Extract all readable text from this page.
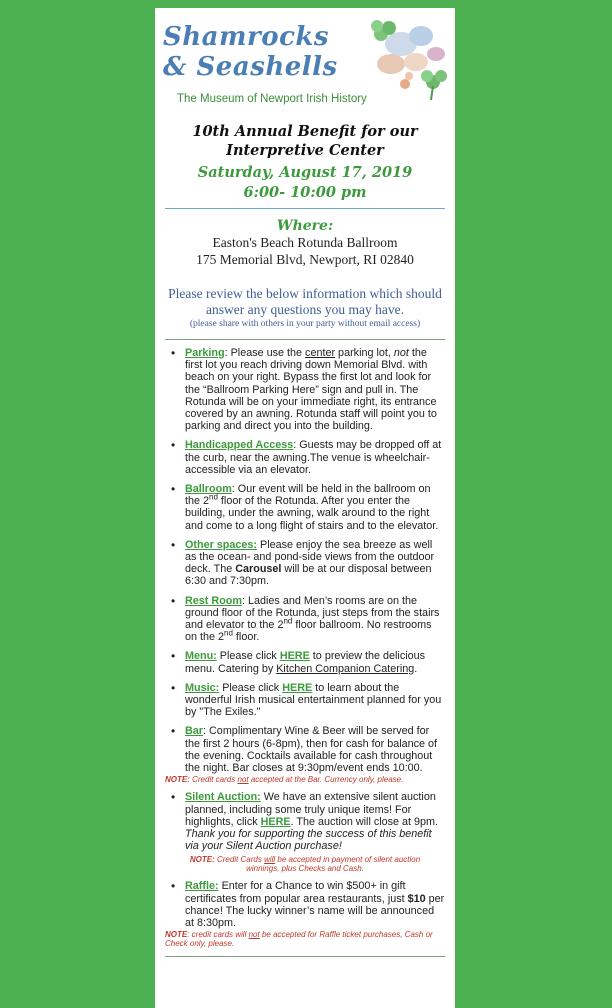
Shamrocks
& Seashells
The Museum of Newport Irish History
10th Annual Benefit for our
Interpretive Center
Saturday, August 17, 2019
6:00- 10:00 pm
Where:
Easton's Beach Rotunda Ballroom
175 Memorial Blvd, Newport, RI 02840
Please review the below information which should answer any questions you may have.
(please share with others in your party without email access)
• Parking: Please use the center parking lot, not the first lot you reach driving down Memorial Blvd. with beach on your right. Bypass the first lot and look for the “Ballroom Parking Here” sign and pull in. The Rotunda will be on your immediate right, its entrance covered by an awning. Rotunda staff will point you to parking and direct you into the building.
• Handicapped Access: Guests may be dropped off at the curb, near the awning.The venue is wheelchair-accessible via an elevator.
• Ballroom: Our event will be held in the ballroom on the 2nd floor of the Rotunda. After you enter the building, under the awning, walk around to the right and come to a long flight of stairs and to the elevator.
• Other spaces: Please enjoy the sea breeze as well as the ocean- and pond-side views from the outdoor deck. The Carousel will be at our disposal between 6:30 and 7:30pm.
• Rest Room: Ladies and Men’s rooms are on the ground floor of the Rotunda, just steps from the stairs and elevator to the 2nd floor ballroom. No restrooms on the 2nd floor.
• Menu: Please click HERE to preview the delicious menu. Catering by Kitchen Companion Catering.
• Music: Please click HERE to learn about the wonderful Irish musical entertainment planned for you by "The Exiles."
• Bar: Complimentary Wine & Beer will be served for the first 2 hours (6-8pm), then for cash for balance of the evening. Cocktails available for cash throughout the night. Bar closes at 9:30pm/event ends 10:00.
NOTE: Credit cards not accepted at the Bar. Currency only, please.
• Silent Auction: We have an extensive silent auction planned, including some truly unique items! For highlights, click HERE. The auction will close at 9pm. Thank you for supporting the success of this benefit via your Silent Auction purchase!
NOTE: Credit Cards will be accepted in payment of silent auction winnings, plus Checks and Cash.
• Raffle: Enter for a Chance to win $500+ in gift certificates from popular area restaurants, just $10 per chance! The lucky winner’s name will be announced at 8:30pm.
NOTE: credit cards will not be accepted for Raffle ticket purchases, Cash or Check only, please.
